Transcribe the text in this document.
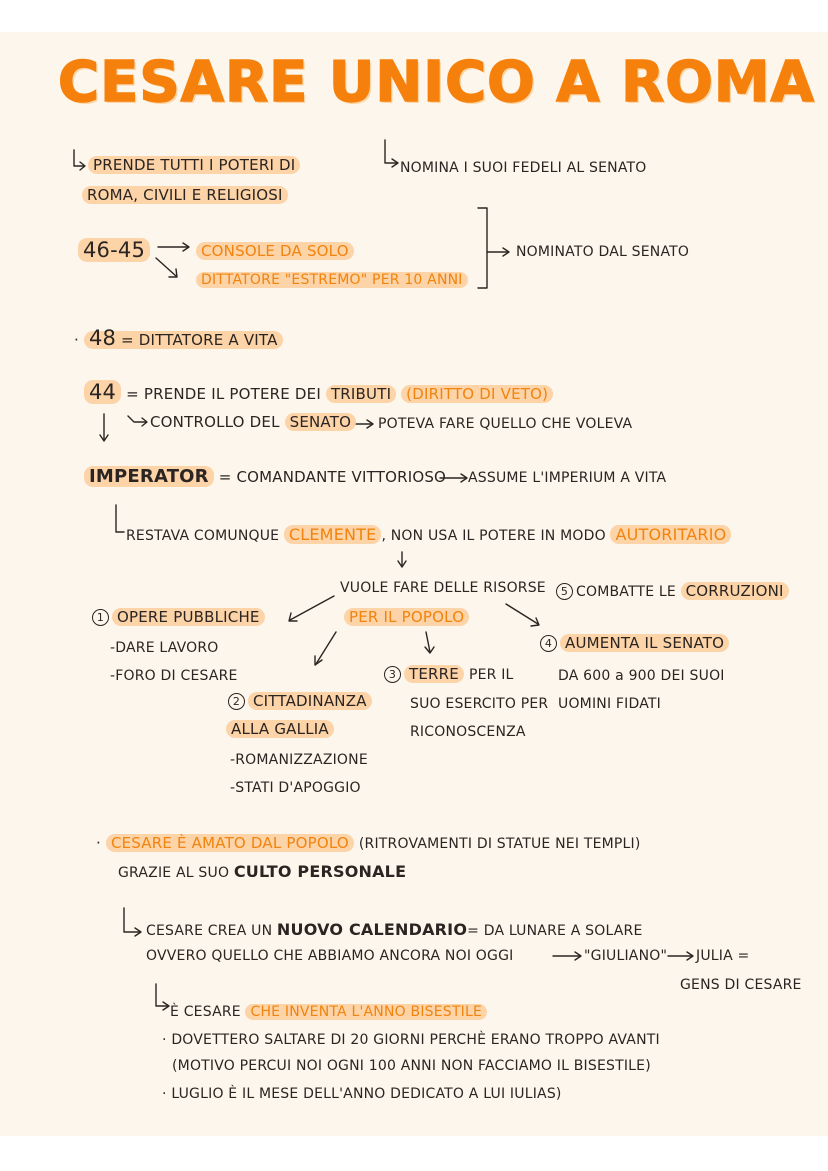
CESARE UNICO A ROMA
PRENDE TUTTI I POTERI DI
ROMA, CIVILI E RELIGIOSI
NOMINA I SUOI FEDELI AL SENATO
46-45	CONSOLE DA SOLO
DITTATORE "ESTREMO" PER 10 ANNI
NOMINATO DAL SENATO
· 48 = DITTATORE A VITA
44 = PRENDE IL POTERE DEI TRIBUTI (DIRITTO DI VETO)
CONTROLLO DEL SENATO	POTEVA FARE QUELLO CHE VOLEVA
IMPERATOR = COMANDANTE VITTORIOSO ASSUME L'IMPERIUM A VITA
RESTAVA COMUNQUE CLEMENTE , NON USA IL POTERE IN MODO AUTORITARIO
VUOLE FARE DELLE RISORSE
PER IL POPOLO
1 OPERE PUBBLICHE
-DARE LAVORO
-FORO DI CESARE
2 CITTADINANZA
ALLA GALLIA
-ROMANIZZAZIONE
-STATI D'APOGGIO
3 TERRE PER IL
SUO ESERCITO PER
RICONOSCENZA
4 AUMENTA IL SENATO
DA 600 a 900 DEI SUOI
UOMINI FIDATI
5 COMBATTE LE CORRUZIONI
· CESARE È AMATO DAL POPOLO (RITROVAMENTI DI STATUE NEI TEMPLI)
GRAZIE AL SUO CULTO PERSONALE
CESARE CREA UN NUOVO CALENDARIO= DA LUNARE A SOLARE
OVVERO QUELLO CHE ABBIAMO ANCORA NOI OGGI	"GIULIANO" JULIA =
GENS DI CESARE
È CESARE CHE INVENTA L'ANNO BISESTILE
· DOVETTERO SALTARE DI 20 GIORNI PERCHÈ ERANO TROPPO AVANTI
(MOTIVO PERCUI NOI OGNI 100 ANNI NON FACCIAMO IL BISESTILE)
· LUGLIO È IL MESE DELL'ANNO DEDICATO A LUI IULIAS)
